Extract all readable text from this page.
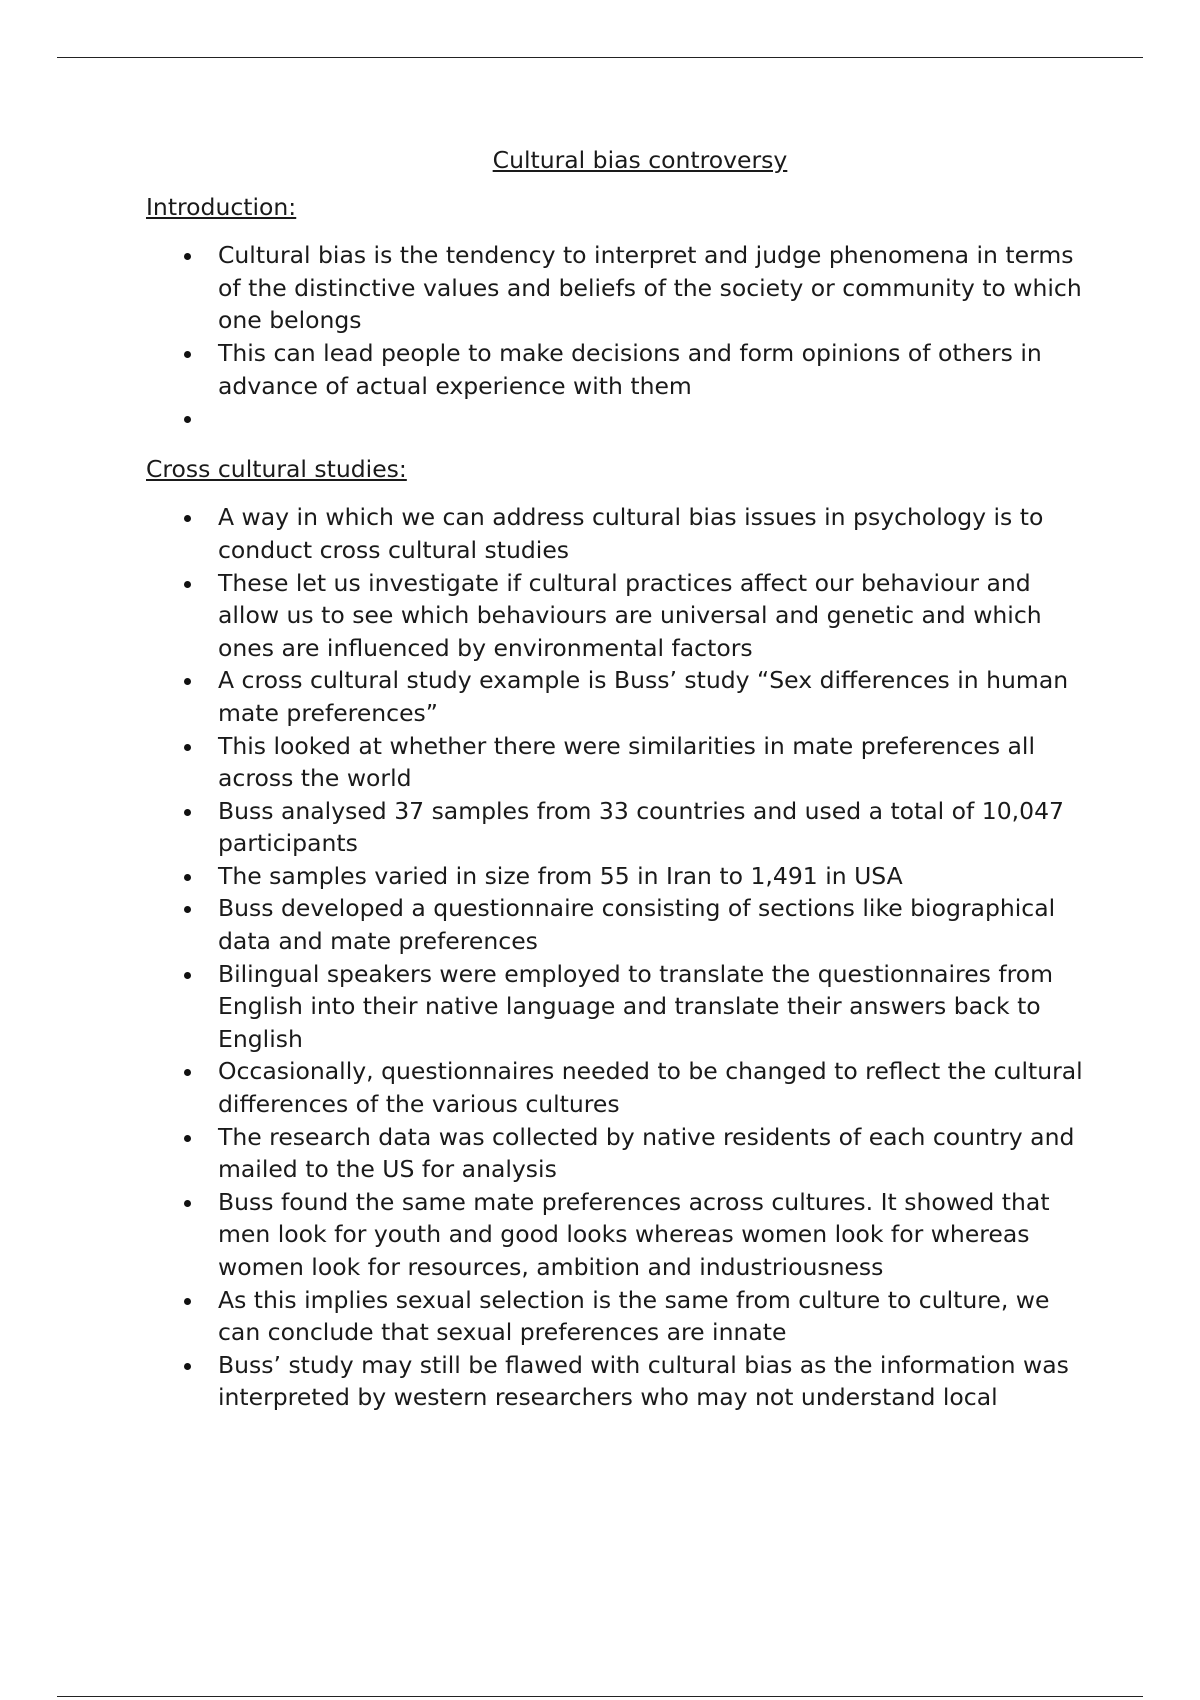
Cultural bias controversy
Introduction:
Cultural bias is the tendency to interpret and judge phenomena in terms of the distinctive values and beliefs of the society or community to which one belongs
This can lead people to make decisions and form opinions of others in advance of actual experience with them
Cross cultural studies:
A way in which we can address cultural bias issues in psychology is to conduct cross cultural studies
These let us investigate if cultural practices affect our behaviour and allow us to see which behaviours are universal and genetic and which ones are influenced by environmental factors
A cross cultural study example is Buss’ study “Sex differences in human mate preferences”
This looked at whether there were similarities in mate preferences all across the world
Buss analysed 37 samples from 33 countries and used a total of 10,047 participants
The samples varied in size from 55 in Iran to 1,491 in USA
Buss developed a questionnaire consisting of sections like biographical data and mate preferences
Bilingual speakers were employed to translate the questionnaires from English into their native language and translate their answers back to English
Occasionally, questionnaires needed to be changed to reflect the cultural differences of the various cultures
The research data was collected by native residents of each country and mailed to the US for analysis
Buss found the same mate preferences across cultures. It showed that men look for youth and good looks whereas women look for whereas women look for resources, ambition and industriousness
As this implies sexual selection is the same from culture to culture, we can conclude that sexual preferences are innate
Buss’ study may still be flawed with cultural bias as the information was interpreted by western researchers who may not understand local
